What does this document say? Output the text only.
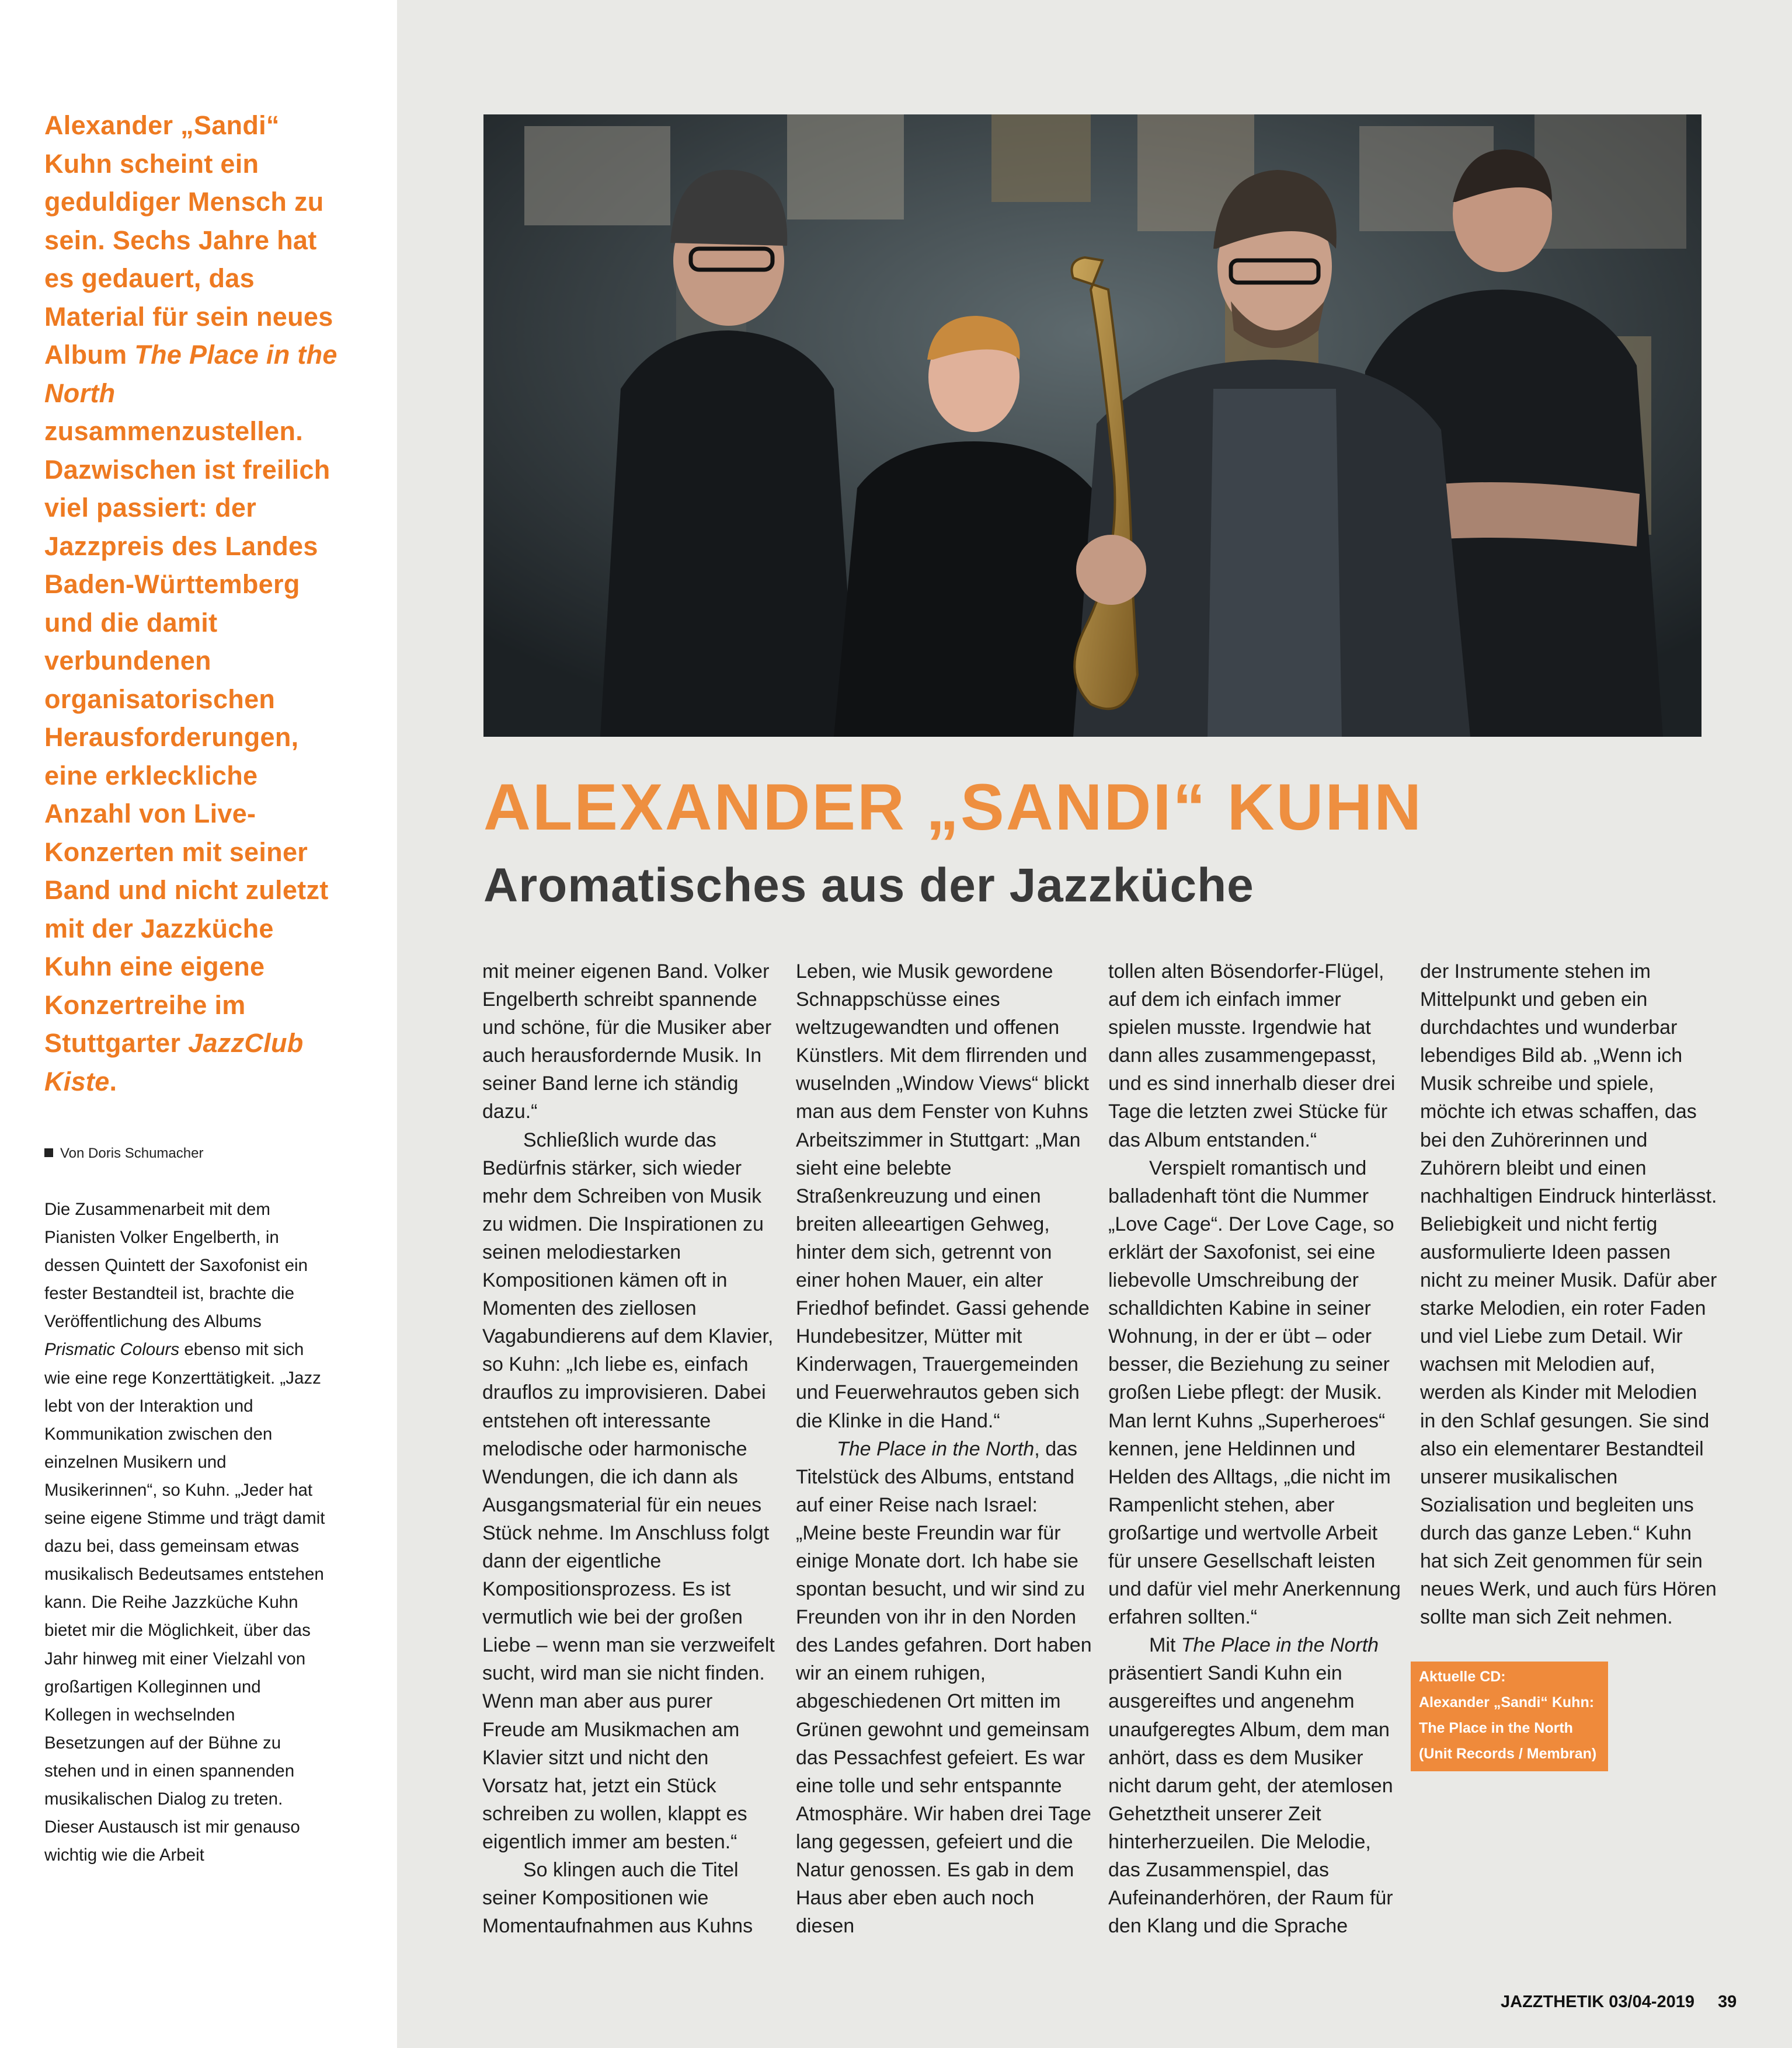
Alexander „Sandi“ Kuhn scheint ein geduldiger Mensch zu sein. Sechs Jahre hat es gedauert, das Material für sein neues Album The Place in the North zusammenzustellen. Dazwischen ist freilich viel passiert: der Jazzpreis des Landes Baden-Württemberg und die damit verbundenen organisatorischen Herausforderungen, eine erkleckliche Anzahl von Live-Konzerten mit seiner Band und nicht zuletzt mit der Jazzküche Kuhn eine eigene Konzertreihe im Stuttgarter JazzClub Kiste.
Von Doris Schumacher
Die Zusammenarbeit mit dem Pianisten Volker Engelberth, in dessen Quintett der Saxofonist ein fester Bestandteil ist, brachte die Veröffentlichung des Albums Prismatic Colours ebenso mit sich wie eine rege Konzerttätigkeit. „Jazz lebt von der Interaktion und Kommunikation zwischen den einzelnen Musikern und Musikerinnen“, so Kuhn. „Jeder hat seine eigene Stimme und trägt damit dazu bei, dass gemeinsam etwas musikalisch Bedeutsames entstehen kann. Die Reihe Jazzküche Kuhn bietet mir die Möglichkeit, über das Jahr hinweg mit einer Vielzahl von großartigen Kolleginnen und Kollegen in wechselnden Besetzungen auf der Bühne zu stehen und in einen spannenden musikalischen Dialog zu treten. Dieser Austausch ist mir genauso wichtig wie die Arbeit
ALEXANDER „SANDI“ KUHN
Aromatisches aus der Jazzküche

mit meiner eigenen Band. Volker Engelberth schreibt spannende und schöne, für die Musiker aber auch herausfordernde Musik. In seiner Band lerne ich ständig dazu.“

Schließlich wurde das Bedürfnis stärker, sich wieder mehr dem Schreiben von Musik zu widmen. Die Inspirationen zu seinen melodiestarken Kompositionen kämen oft in Momenten des ziellosen Vagabundierens auf dem Klavier, so Kuhn: „Ich liebe es, einfach drauflos zu improvisieren. Dabei entstehen oft interessante melodische oder harmonische Wendungen, die ich dann als Ausgangsmaterial für ein neues Stück nehme. Im Anschluss folgt dann der eigentliche Kompositionsprozess. Es ist vermutlich wie bei der großen Liebe – wenn man sie verzweifelt sucht, wird man sie nicht finden. Wenn man aber aus purer Freude am Musikmachen am Klavier sitzt und nicht den Vorsatz hat, jetzt ein Stück schreiben zu wollen, klappt es eigentlich immer am besten.“

So klingen auch die Titel seiner Kompositionen wie Momentaufnahmen aus Kuhns

Leben, wie Musik gewordene Schnappschüsse eines weltzugewandten und offenen Künstlers. Mit dem flirrenden und wuselnden „Window Views“ blickt man aus dem Fenster von Kuhns Arbeitszimmer in Stuttgart: „Man sieht eine belebte Straßenkreuzung und einen breiten alleeartigen Gehweg, hinter dem sich, getrennt von einer hohen Mauer, ein alter Friedhof befindet. Gassi gehende Hundebesitzer, Mütter mit Kinderwagen, Trauergemeinden und Feuerwehrautos geben sich die Klinke in die Hand.“

The Place in the North, das Titelstück des Albums, entstand auf einer Reise nach Israel: „Meine beste Freundin war für einige Monate dort. Ich habe sie spontan besucht, und wir sind zu Freunden von ihr in den Norden des Landes gefahren. Dort haben wir an einem ruhigen, abgeschiedenen Ort mitten im Grünen gewohnt und gemeinsam das Pessachfest gefeiert. Es war eine tolle und sehr entspannte Atmosphäre. Wir haben drei Tage lang gegessen, gefeiert und die Natur genossen. Es gab in dem Haus aber eben auch noch diesen

tollen alten Bösendorfer-Flügel, auf dem ich einfach immer spielen musste. Irgendwie hat dann alles zusammengepasst, und es sind innerhalb dieser drei Tage die letzten zwei Stücke für das Album entstanden.“

Verspielt romantisch und balladenhaft tönt die Nummer „Love Cage“. Der Love Cage, so erklärt der Saxofonist, sei eine liebevolle Umschreibung der schalldichten Kabine in seiner Wohnung, in der er übt – oder besser, die Beziehung zu seiner großen Liebe pflegt: der Musik. Man lernt Kuhns „Superheroes“ kennen, jene Heldinnen und Helden des Alltags, „die nicht im Rampenlicht stehen, aber großartige und wertvolle Arbeit für unsere Gesellschaft leisten und dafür viel mehr Anerkennung erfahren sollten.“

Mit The Place in the North präsentiert Sandi Kuhn ein ausgereiftes und angenehm unaufgeregtes Album, dem man anhört, dass es dem Musiker nicht darum geht, der atemlosen Gehetztheit unserer Zeit hinterherzueilen. Die Melodie, das Zusammenspiel, das Aufeinanderhören, der Raum für den Klang und die Sprache

der Instrumente stehen im Mittelpunkt und geben ein durchdachtes und wunderbar lebendiges Bild ab. „Wenn ich Musik schreibe und spiele, möchte ich etwas schaffen, das bei den Zuhörerinnen und Zuhörern bleibt und einen nachhaltigen Eindruck hinterlässt. Beliebigkeit und nicht fertig ausformulierte Ideen passen nicht zu meiner Musik. Dafür aber starke Melodien, ein roter Faden und viel Liebe zum Detail. Wir wachsen mit Melodien auf, werden als Kinder mit Melodien in den Schlaf gesungen. Sie sind also ein elementarer Bestandteil unserer musikalischen Sozialisation und begleiten uns durch das ganze Leben.“ Kuhn hat sich Zeit genommen für sein neues Werk, und auch fürs Hören sollte man sich Zeit nehmen.

Aktuelle CD:
Alexander „Sandi“ Kuhn:
The Place in the North
(Unit Records / Membran)
JAZZTHETIK 03/04-2019 39
